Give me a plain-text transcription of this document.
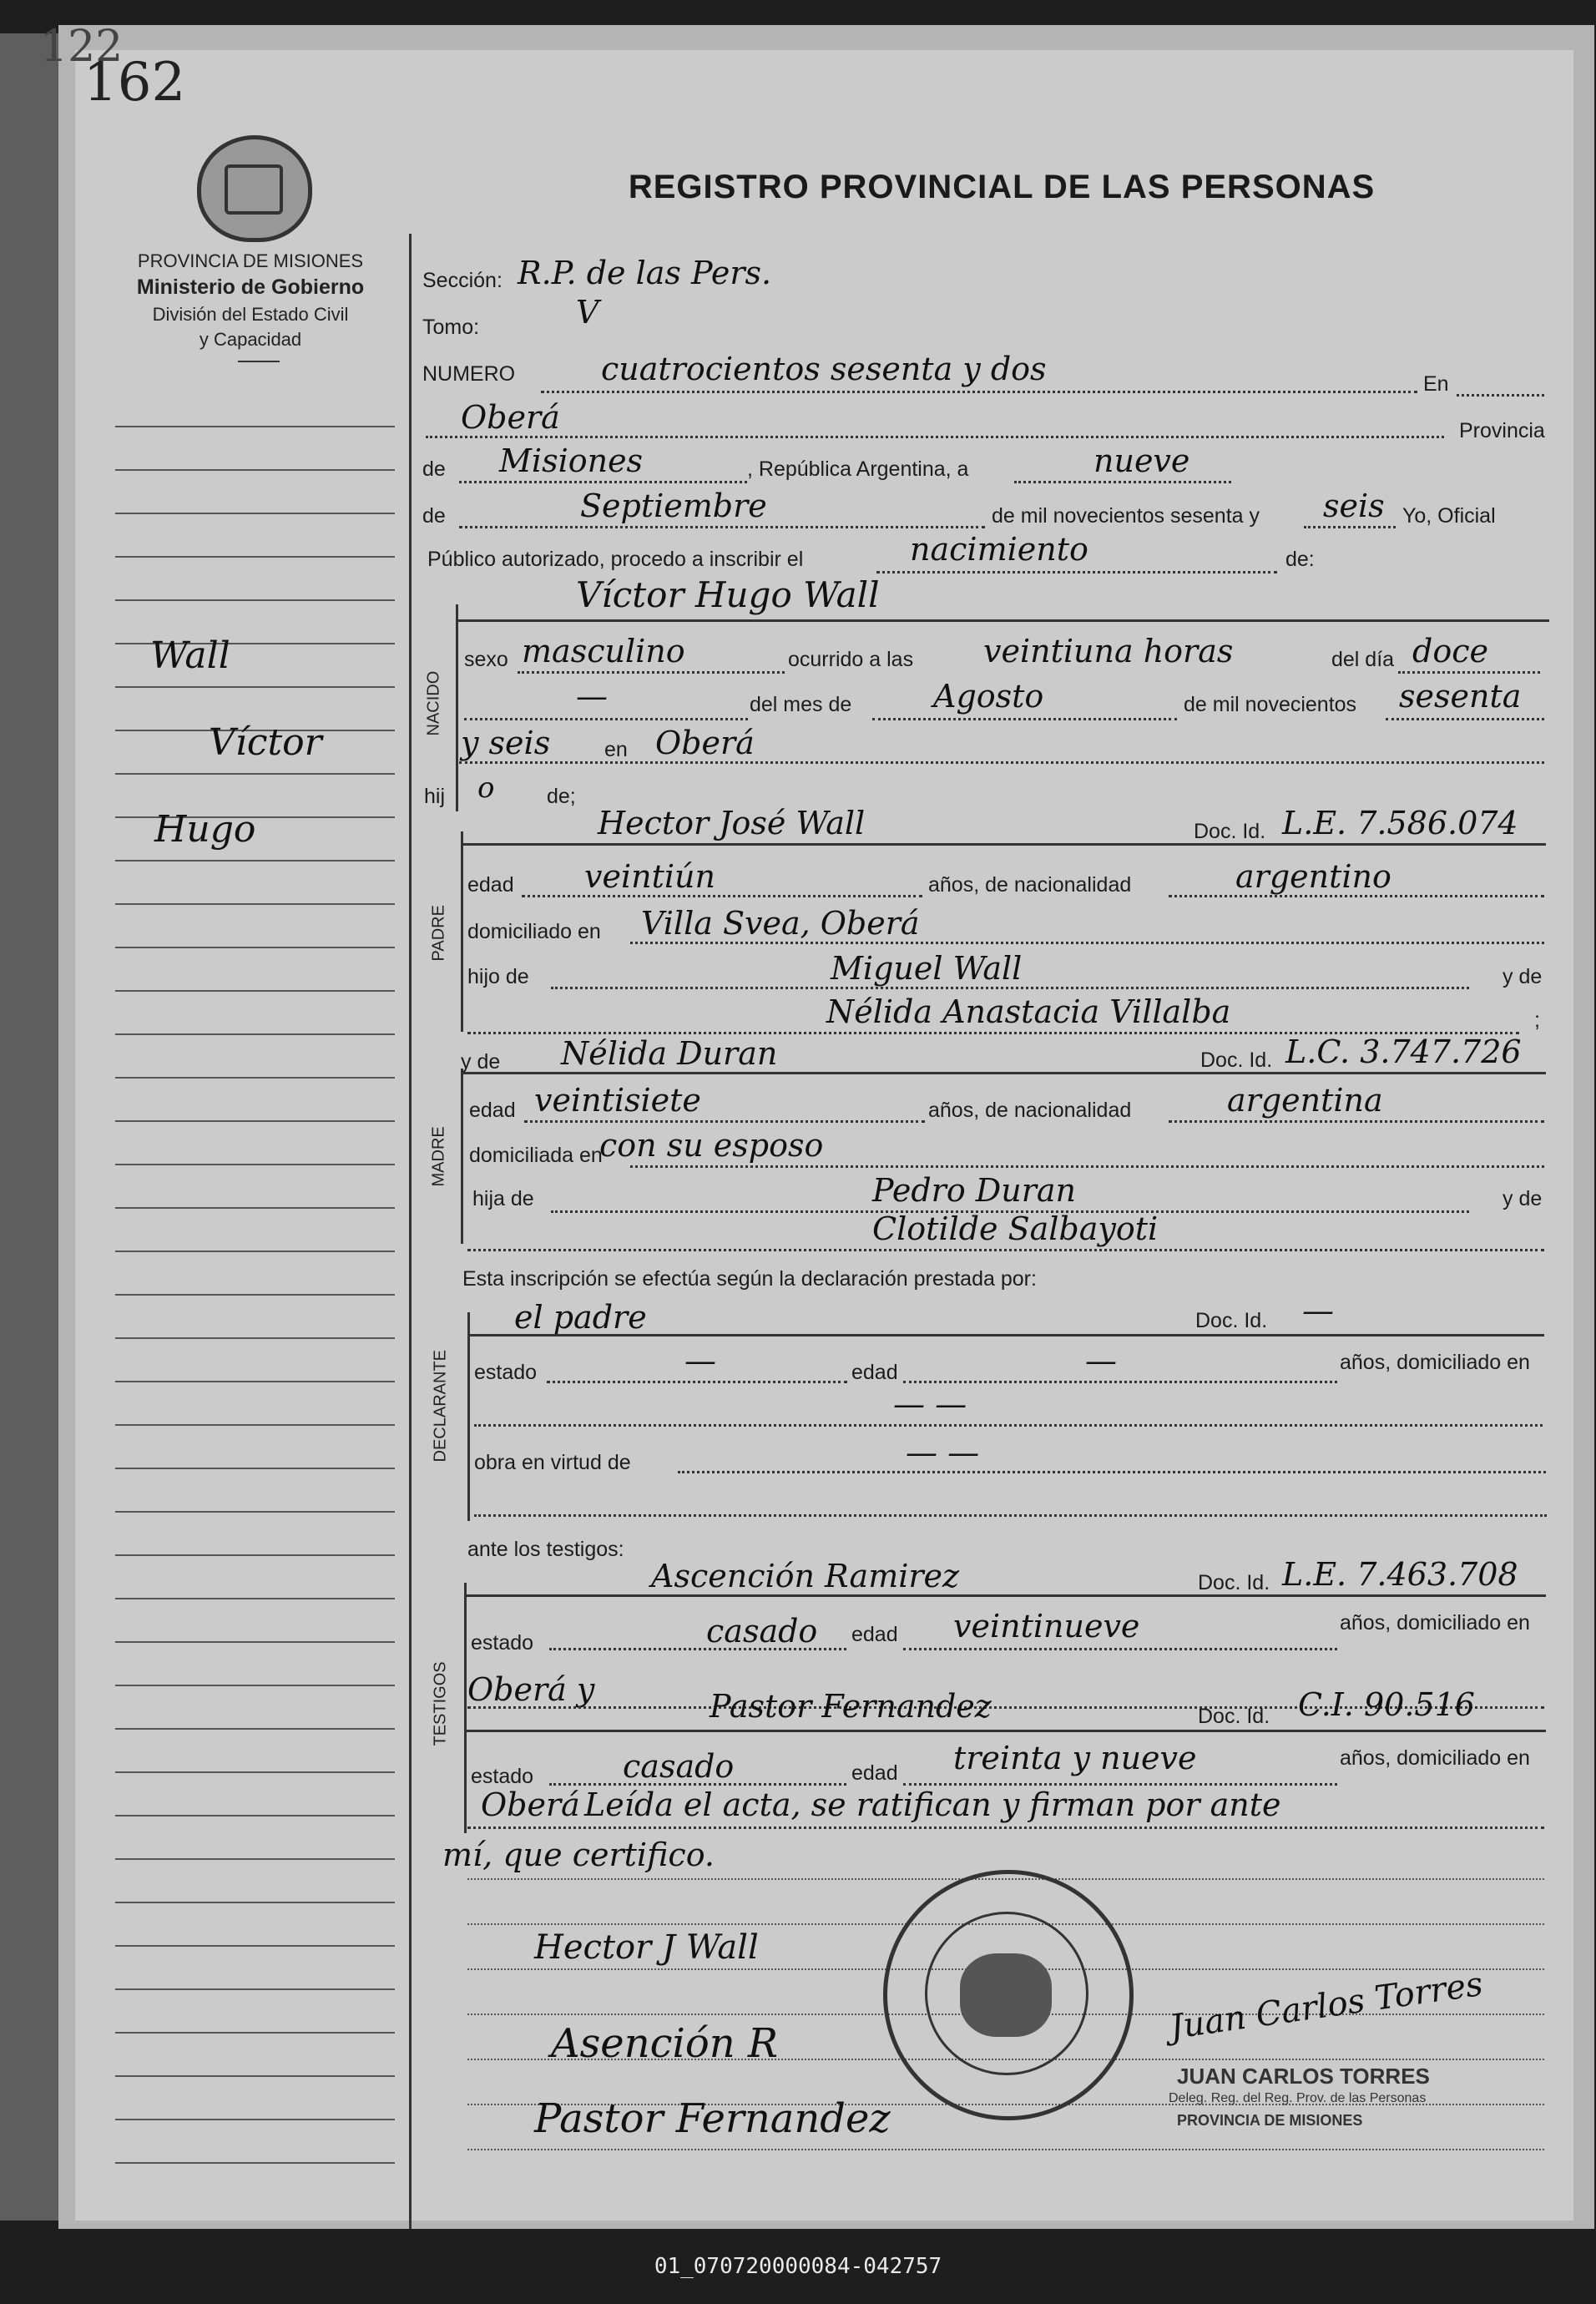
122
162
PROVINCIA DE MISIONES
Ministerio de Gobierno
División del Estado Civil
y Capacidad
REGISTRO PROVINCIAL DE LAS PERSONAS
Wall
Víctor
Hugo
Sección: R.P. de las Pers.
Tomo:	V
NUMERO	cuatrocientos sesenta y dos	En
Oberá	Provincia
de Misiones	, República Argentina, a	nueve
de	Septiembre	de mil novecientos sesenta y seis Yo, Oficial
Público autorizado, procedo a inscribir el	nacimiento	de:
NACIDO
Víctor Hugo Wall
sexo masculino	ocurrido a las veintiuna horas	del día doce
—	del mes de	Agosto	de mil novecientos sesenta
y seis	en Oberá
hij o	de;
PADRE
Hector José Wall	Doc. Id. L.E. 7.586.074
edad veintiún	años, de nacionalidad	argentino
domiciliado en Villa Svea, Oberá
hijo de	Miguel Wall	y de
Nélida Anastacia Villalba	;
MADRE
y de Nélida Duran	Doc. Id. L.C. 3.747.726
edad veintisiete	años, de nacionalidad	argentina
domiciliada en
con su esposo
hija de	Pedro Duran	y de
Clotilde Salbayoti
Esta inscripción se efectúa según la declaración prestada por:
DECLARANTE
el padre	Doc. Id. —
estado	—	edad	—	años, domiciliado en
— —
obra en virtud de	— —
ante los testigos:
TESTIGOS
Ascención Ramirez	Doc. Id. L.E. 7.463.708
estado	casado edad veintinueve	años, domiciliado en
Oberá y	Pastor Fernandez	Doc. Id. C.I. 90.516
estado	casado	edad treinta y nueve	años, domiciliado en
Oberá Leída el acta, se ratifican y firman por ante
mí, que certifico.
Hector J Wall
Asención R
Pastor Fernandez
Juan Carlos Torres
JUAN CARLOS TORRES
Deleg. Reg. del Reg. Prov. de las Personas
PROVINCIA DE MISIONES
01_070720000084-042757
